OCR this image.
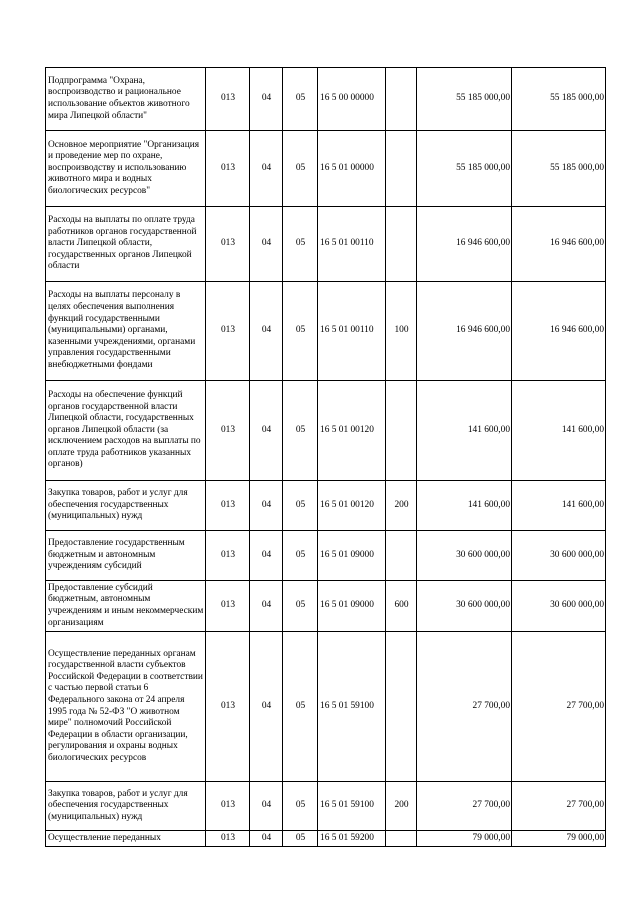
Подпрограмма "Охрана, воспроизводство и рациональное использование объектов животного мира Липецкой области"	013	04	05	16 5 00 00000		55 185 000,00	55 185 000,00
Основное мероприятие "Организация и проведение мер по охране, воспроизводству и использованию животного мира и водных биологических ресурсов"	013	04	05	16 5 01 00000		55 185 000,00	55 185 000,00
Расходы на выплаты по оплате труда работников органов государственной власти Липецкой области, государственных органов Липецкой области	013	04	05	16 5 01 00110		16 946 600,00	16 946 600,00
Расходы на выплаты персоналу в целях обеспечения выполнения функций государственными (муниципальными) органами, казенными учреждениями, органами управления государственными внебюджетными фондами	013	04	05	16 5 01 00110	100	16 946 600,00	16 946 600,00
Расходы на обеспечение функций органов государственной власти Липецкой области, государственных органов Липецкой области (за исключением расходов на выплаты по оплате труда работников указанных органов)	013	04	05	16 5 01 00120		141 600,00	141 600,00
Закупка товаров, работ и услуг для обеспечения государственных (муниципальных) нужд	013	04	05	16 5 01 00120	200	141 600,00	141 600,00
Предоставление государственным бюджетным и автономным учреждениям субсидий	013	04	05	16 5 01 09000		30 600 000,00	30 600 000,00
Предоставление субсидий бюджетным, автономным учреждениям и иным некоммерческим организациям	013	04	05	16 5 01 09000	600	30 600 000,00	30 600 000,00
Осуществление переданных органам государственной власти субъектов Российской Федерации в соответствии с частью первой статьи 6 Федерального закона от 24 апреля 1995 года № 52-ФЗ "О животном мире" полномочий Российской Федерации в области организации, регулирования и охраны водных биологических ресурсов	013	04	05	16 5 01 59100		27 700,00	27 700,00
Закупка товаров, работ и услуг для обеспечения государственных (муниципальных) нужд	013	04	05	16 5 01 59100	200	27 700,00	27 700,00
Осуществление переданных	013	04	05	16 5 01 59200		79 000,00	79 000,00
